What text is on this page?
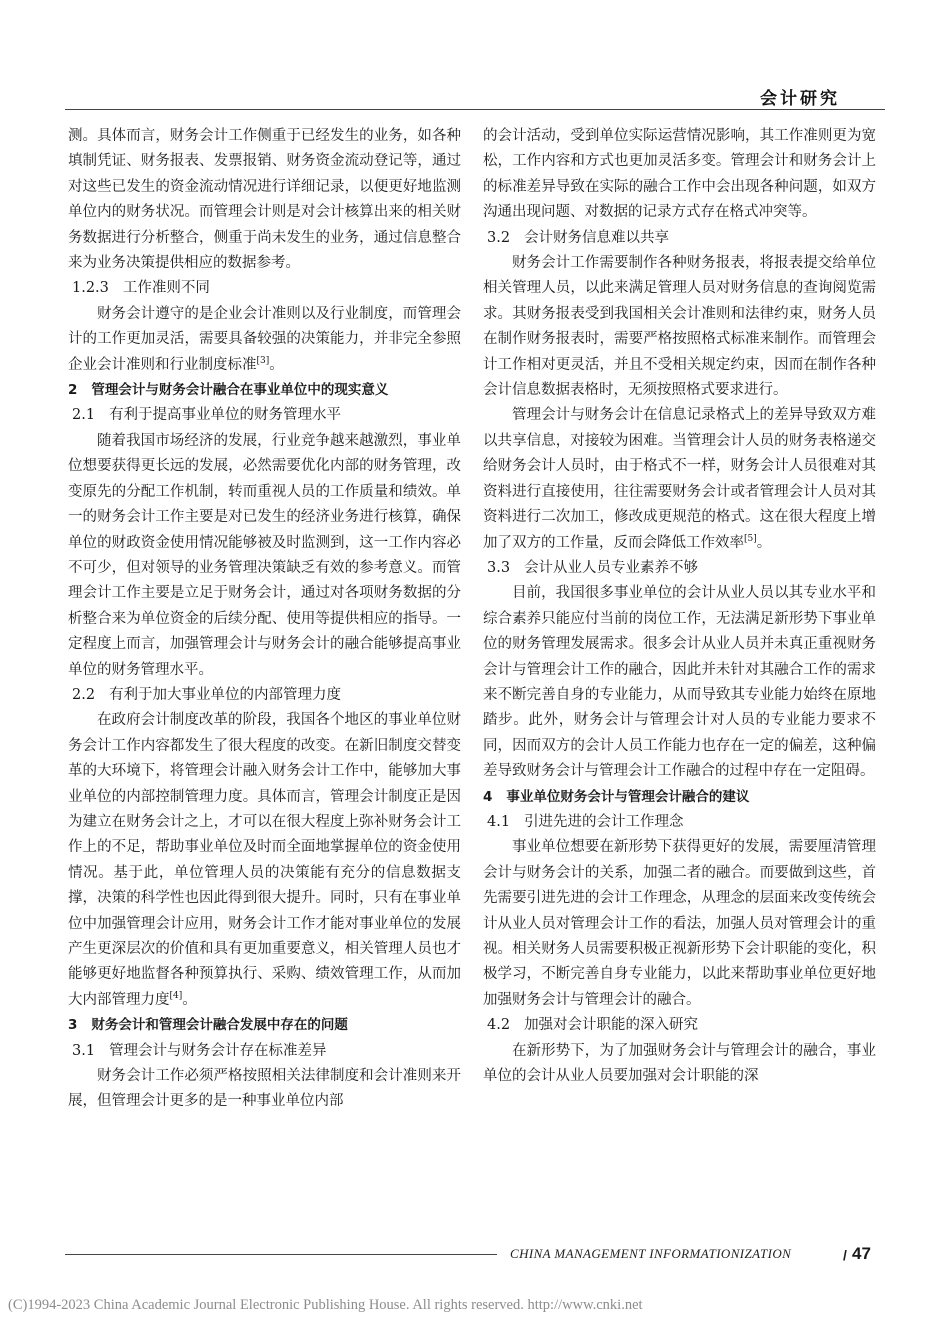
会计研究

测。具体而言，财务会计工作侧重于已经发生的业务，如各种填制凭证、财务报表、发票报销、财务资金流动登记等，通过对这些已发生的资金流动情况进行详细记录，以便更好地监测单位内的财务状况。而管理会计则是对会计核算出来的相关财务数据进行分析整合，侧重于尚未发生的业务，通过信息整合来为业务决策提供相应的数据参考。

1.2.3 工作准则不同

财务会计遵守的是企业会计准则以及行业制度，而管理会计的工作更加灵活，需要具备较强的决策能力，并非完全参照企业会计准则和行业制度标准[3]。

2 管理会计与财务会计融合在事业单位中的现实意义

2.1 有利于提高事业单位的财务管理水平

随着我国市场经济的发展，行业竞争越来越激烈，事业单位想要获得更长远的发展，必然需要优化内部的财务管理，改变原先的分配工作机制，转而重视人员的工作质量和绩效。单一的财务会计工作主要是对已发生的经济业务进行核算，确保单位的财政资金使用情况能够被及时监测到，这一工作内容必不可少，但对领导的业务管理决策缺乏有效的参考意义。而管理会计工作主要是立足于财务会计，通过对各项财务数据的分析整合来为单位资金的后续分配、使用等提供相应的指导。一定程度上而言，加强管理会计与财务会计的融合能够提高事业单位的财务管理水平。

2.2 有利于加大事业单位的内部管理力度

在政府会计制度改革的阶段，我国各个地区的事业单位财务会计工作内容都发生了很大程度的改变。在新旧制度交替变革的大环境下，将管理会计融入财务会计工作中，能够加大事业单位的内部控制管理力度。具体而言，管理会计制度正是因为建立在财务会计之上，才可以在很大程度上弥补财务会计工作上的不足，帮助事业单位及时而全面地掌握单位的资金使用情况。基于此，单位管理人员的决策能有充分的信息数据支撑，决策的科学性也因此得到很大提升。同时，只有在事业单位中加强管理会计应用，财务会计工作才能对事业单位的发展产生更深层次的价值和具有更加重要意义，相关管理人员也才能够更好地监督各种预算执行、采购、绩效管理工作，从而加大内部管理力度[4]。

3 财务会计和管理会计融合发展中存在的问题

3.1 管理会计与财务会计存在标准差异

财务会计工作必须严格按照相关法律制度和会计准则来开展，但管理会计更多的是一种事业单位内部

的会计活动，受到单位实际运营情况影响，其工作准则更为宽松，工作内容和方式也更加灵活多变。管理会计和财务会计上的标准差异导致在实际的融合工作中会出现各种问题，如双方沟通出现问题、对数据的记录方式存在格式冲突等。

3.2 会计财务信息难以共享

财务会计工作需要制作各种财务报表，将报表提交给单位相关管理人员，以此来满足管理人员对财务信息的查询阅览需求。其财务报表受到我国相关会计准则和法律约束，财务人员在制作财务报表时，需要严格按照格式标准来制作。而管理会计工作相对更灵活，并且不受相关规定约束，因而在制作各种会计信息数据表格时，无须按照格式要求进行。

管理会计与财务会计在信息记录格式上的差异导致双方难以共享信息，对接较为困难。当管理会计人员的财务表格递交给财务会计人员时，由于格式不一样，财务会计人员很难对其资料进行直接使用，往往需要财务会计或者管理会计人员对其资料进行二次加工，修改成更规范的格式。这在很大程度上增加了双方的工作量，反而会降低工作效率[5]。

3.3 会计从业人员专业素养不够

目前，我国很多事业单位的会计从业人员以其专业水平和综合素养只能应付当前的岗位工作，无法满足新形势下事业单位的财务管理发展需求。很多会计从业人员并未真正重视财务会计与管理会计工作的融合，因此并未针对其融合工作的需求来不断完善自身的专业能力，从而导致其专业能力始终在原地踏步。此外，财务会计与管理会计对人员的专业能力要求不同，因而双方的会计人员工作能力也存在一定的偏差，这种偏差导致财务会计与管理会计工作融合的过程中存在一定阻碍。

4 事业单位财务会计与管理会计融合的建议

4.1 引进先进的会计工作理念

事业单位想要在新形势下获得更好的发展，需要厘清管理会计与财务会计的关系，加强二者的融合。而要做到这些，首先需要引进先进的会计工作理念，从理念的层面来改变传统会计从业人员对管理会计工作的看法，加强人员对管理会计的重视。相关财务人员需要积极正视新形势下会计职能的变化，积极学习，不断完善自身专业能力，以此来帮助事业单位更好地加强财务会计与管理会计的融合。

4.2 加强对会计职能的深入研究

在新形势下，为了加强财务会计与管理会计的融合，事业单位的会计从业人员要加强对会计职能的深

CHINA MANAGEMENT INFORMATIONIZATION	/ 47
(C)1994-2023 China Academic Journal Electronic Publishing House. All rights reserved. http://www.cnki.net
